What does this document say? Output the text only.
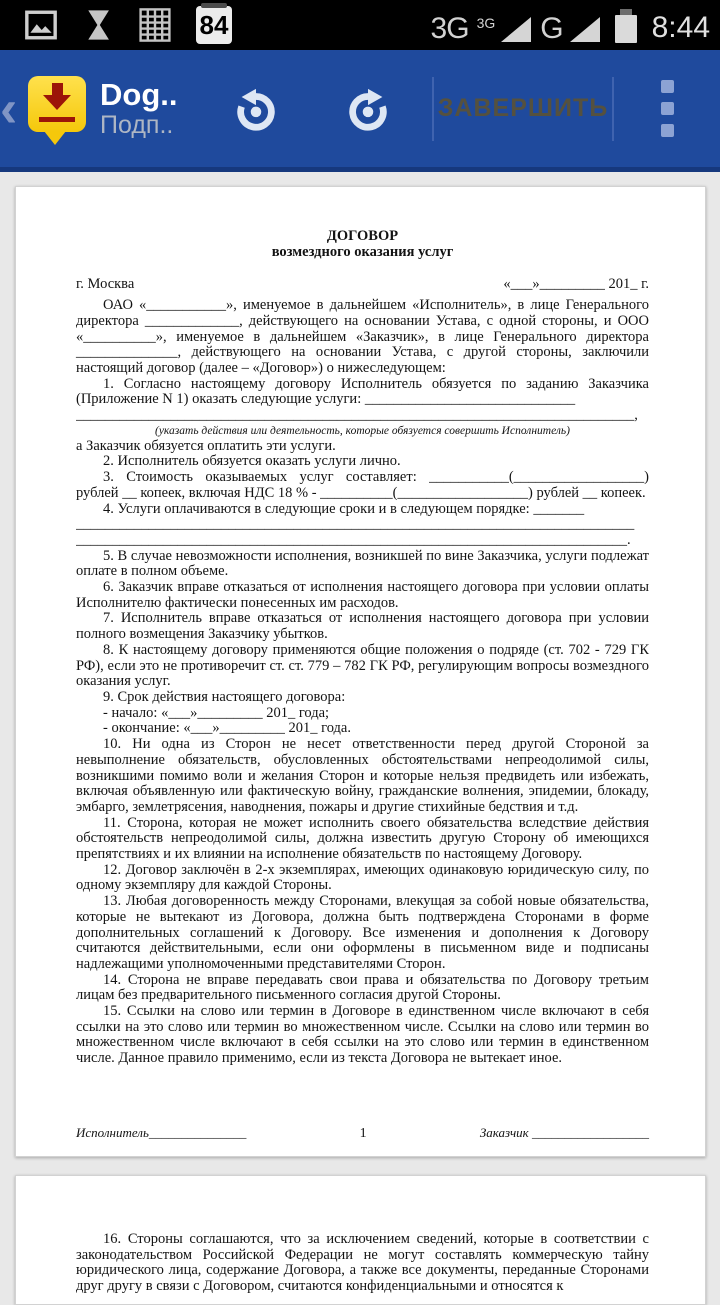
84	3G 3G G	8:44
‹	Dog..
Подп..
ЗАВЕРШИТЬ

ДОГОВОР

возмездного оказания услуг

г. Москва	«___»_________ 201_ г.

ОАО «___________», именуемое в дальнейшем «Исполнитель», в лице Генерального директора _____________, действующего на основании Устава, с одной стороны, и ООО «__________», именуемое в дальнейшем «Заказчик», в лице Генерального директора ______________, действующего на основании Устава, с другой стороны, заключили настоящий договор (далее – «Договор») о нижеследующем:

1. Согласно настоящему договору Исполнитель обязуется по заданию Заказчика (Приложение N 1) оказать следующие услуги: _____________________________

_____________________________________________________________________________,

(указать действия или деятельность, которые обязуется совершить Исполнитель)

а Заказчик обязуется оплатить эти услуги.

2. Исполнитель обязуется оказать услуги лично.

3. Стоимость оказываемых услуг составляет: ___________(__________________) рублей __ копеек, включая НДС 18 % - __________(__________________) рублей __ копеек.

4. Услуги оплачиваются в следующие сроки и в следующем порядке: _______

_____________________________________________________________________________

____________________________________________________________________________.

5. В случае невозможности исполнения, возникшей по вине Заказчика, услуги подлежат оплате в полном объеме.

6. Заказчик вправе отказаться от исполнения настоящего договора при условии оплаты Исполнителю фактически понесенных им расходов.

7. Исполнитель вправе отказаться от исполнения настоящего договора при условии полного возмещения Заказчику убытков.

8. К настоящему договору применяются общие положения о подряде (ст. 702 - 729 ГК РФ), если это не противоречит ст. ст. 779 – 782 ГК РФ, регулирующим вопросы возмездного оказания услуг.

9. Срок действия настоящего договора:

- начало: «___»_________ 201_ года;

- окончание: «___»_________ 201_ года.

10. Ни одна из Сторон не несет ответственности перед другой Стороной за невыполнение обязательств, обусловленных обстоятельствами непреодолимой силы, возникшими помимо воли и желания Сторон и которые нельзя предвидеть или избежать, включая объявленную или фактическую войну, гражданские волнения, эпидемии, блокаду, эмбарго, землетрясения, наводнения, пожары и другие стихийные бедствия и т.д.

11. Сторона, которая не может исполнить своего обязательства вследствие действия обстоятельств непреодолимой силы, должна известить другую Сторону об имеющихся препятствиях и их влиянии на исполнение обязательств по настоящему Договору.

12. Договор заключён в 2-х экземплярах, имеющих одинаковую юридическую силу, по одному экземпляру для каждой Стороны.

13. Любая договоренность между Сторонами, влекущая за собой новые обязательства, которые не вытекают из Договора, должна быть подтверждена Сторонами в форме дополнительных соглашений к Договору. Все изменения и дополнения к Договору считаются действительными, если они оформлены в письменном виде и подписаны надлежащими уполномоченными представителями Сторон.

14. Сторона не вправе передавать свои права и обязательства по Договору третьим лицам без предварительного письменного согласия другой Стороны.

15. Ссылки на слово или термин в Договоре в единственном числе включают в себя ссылки на это слово или термин во множественном числе. Ссылки на слово или термин во множественном числе включают в себя ссылки на это слово или термин в единственном числе. Данное правило применимо, если из текста Договора не вытекает иное.

Исполнитель_______________	1	Заказчик __________________

16. Стороны соглашаются, что за исключением сведений, которые в соответствии с законодательством Российской Федерации не могут составлять коммерческую тайну юридического лица, содержание Договора, а также все документы, переданные Сторонами друг другу в связи с Договором, считаются конфиденциальными и относятся к
